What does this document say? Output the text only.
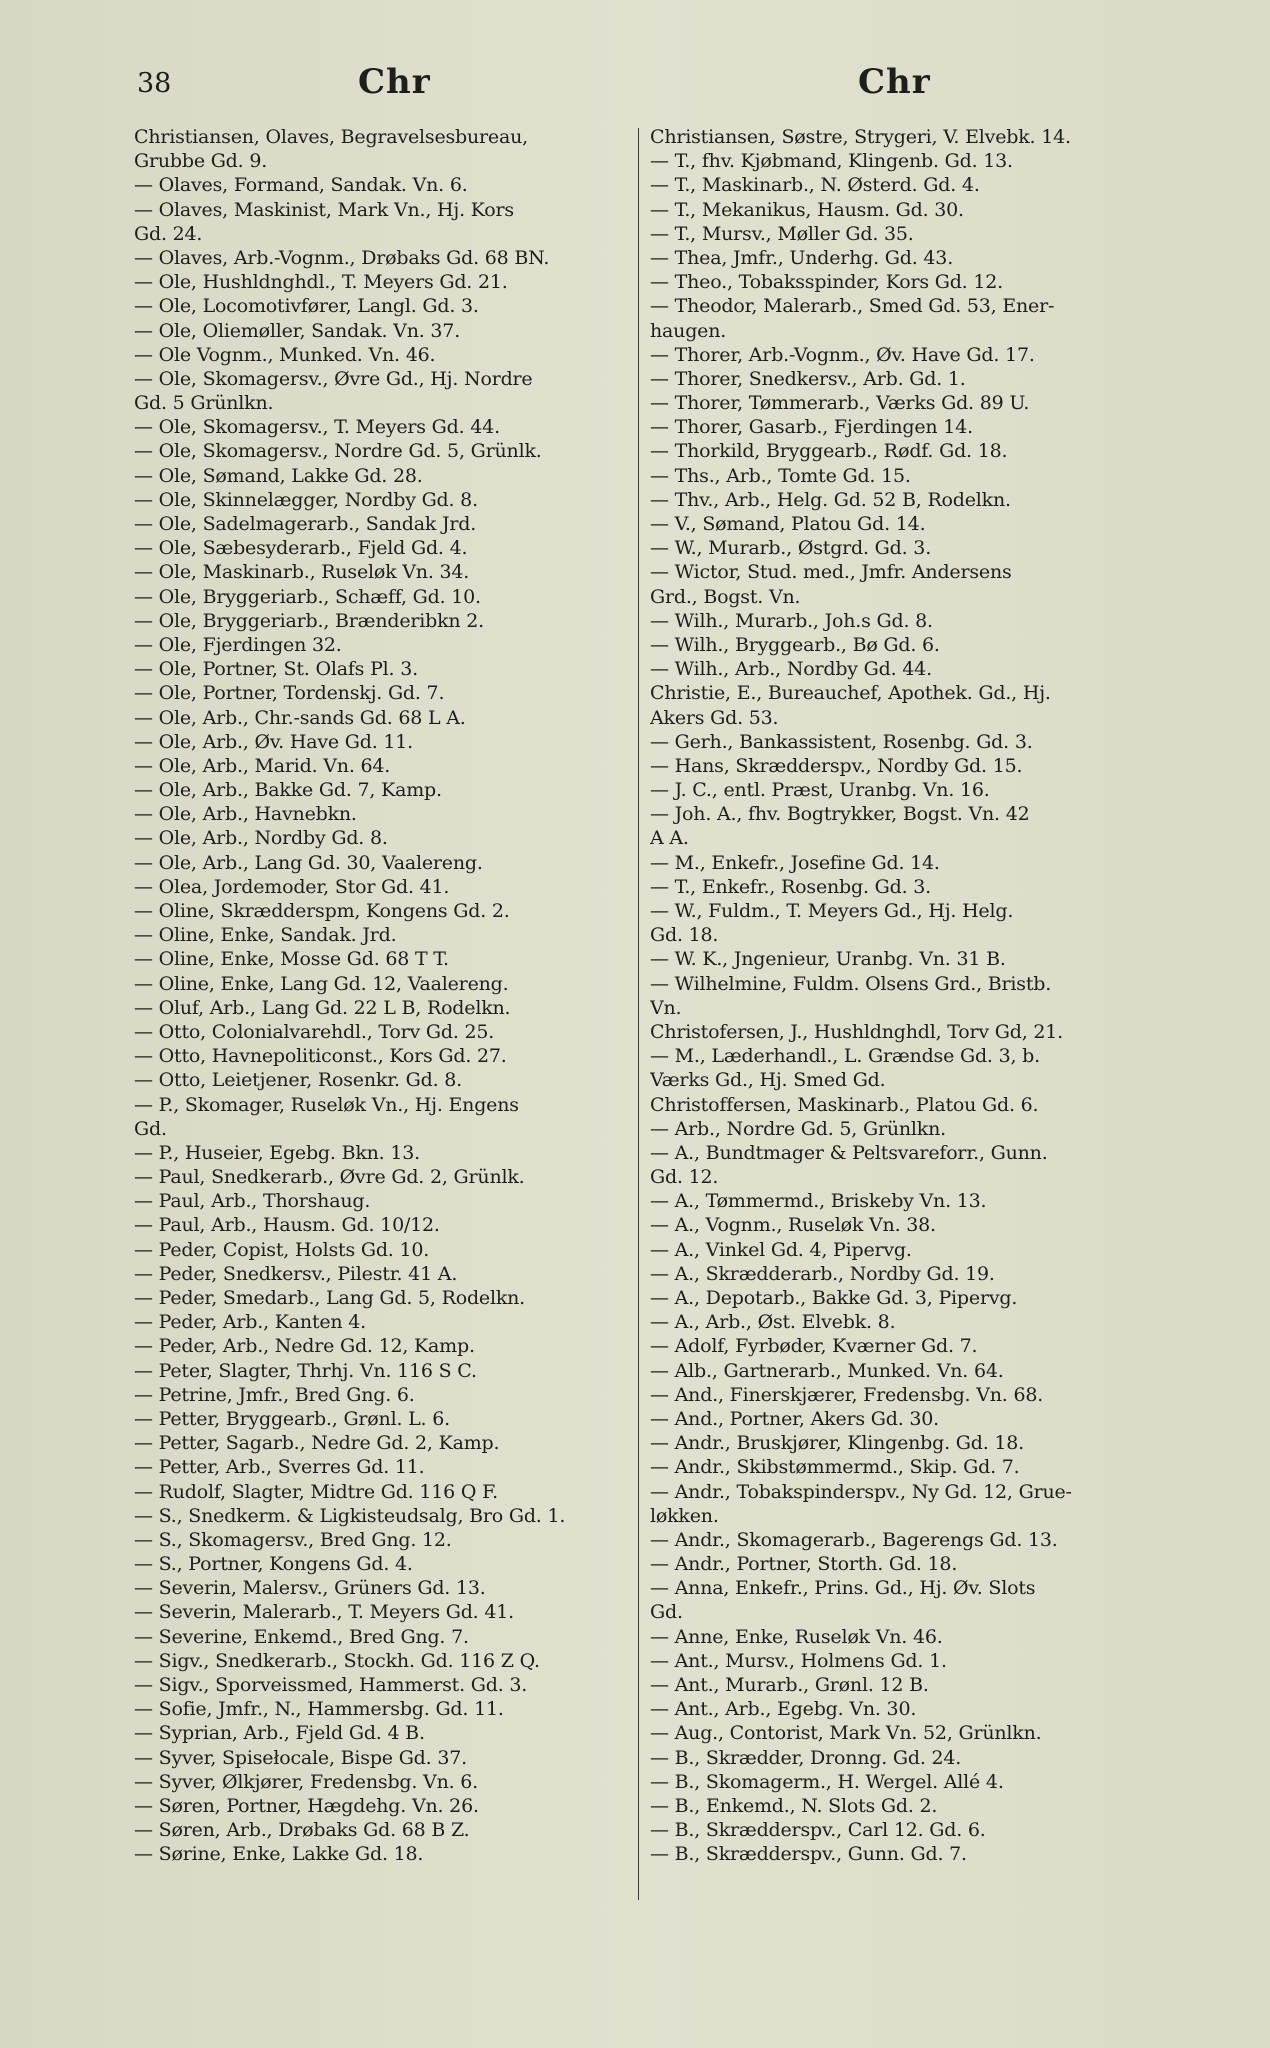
38	Chr	Chr
Christiansen, Olaves, Begravelsesbureau,
Grubbe Gd. 9.
— Olaves, Formand, Sandak. Vn. 6.
— Olaves, Maskinist, Mark Vn., Hj. Kors
Gd. 24.
— Olaves, Arb.-Vognm., Drøbaks Gd. 68 BN.
— Ole, Hushldnghdl., T. Meyers Gd. 21.
— Ole, Locomotivfører, Langl. Gd. 3.
— Ole, Oliemøller, Sandak. Vn. 37.
— Ole Vognm., Munked. Vn. 46.
— Ole, Skomagersv., Øvre Gd., Hj. Nordre
Gd. 5 Grünlkn.
— Ole, Skomagersv., T. Meyers Gd. 44.
— Ole, Skomagersv., Nordre Gd. 5, Grünlk.
— Ole, Sømand, Lakke Gd. 28.
— Ole, Skinnelægger, Nordby Gd. 8.
— Ole, Sadelmagerarb., Sandak Jrd.
— Ole, Sæbesyderarb., Fjeld Gd. 4.
— Ole, Maskinarb., Ruseløk Vn. 34.
— Ole, Bryggeriarb., Schæff, Gd. 10.
— Ole, Bryggeriarb., Brænderibkn 2.
— Ole, Fjerdingen 32.
— Ole, Portner, St. Olafs Pl. 3.
— Ole, Portner, Tordenskj. Gd. 7.
— Ole, Arb., Chr.-sands Gd. 68 L A.
— Ole, Arb., Øv. Have Gd. 11.
— Ole, Arb., Marid. Vn. 64.
— Ole, Arb., Bakke Gd. 7, Kamp.
— Ole, Arb., Havnebkn.
— Ole, Arb., Nordby Gd. 8.
— Ole, Arb., Lang Gd. 30, Vaalereng.
— Olea, Jordemoder, Stor Gd. 41.
— Oline, Skrædderspm, Kongens Gd. 2.
— Oline, Enke, Sandak. Jrd.
— Oline, Enke, Mosse Gd. 68 T T.
— Oline, Enke, Lang Gd. 12, Vaalereng.
— Oluf, Arb., Lang Gd. 22 L B, Rodelkn.
— Otto, Colonialvarehdl., Torv Gd. 25.
— Otto, Havnepoliticonst., Kors Gd. 27.
— Otto, Leietjener, Rosenkr. Gd. 8.
— P., Skomager, Ruseløk Vn., Hj. Engens
Gd.
— P., Huseier, Egebg. Bkn. 13.
— Paul, Snedkerarb., Øvre Gd. 2, Grünlk.
— Paul, Arb., Thorshaug.
— Paul, Arb., Hausm. Gd. 10/12.
— Peder, Copist, Holsts Gd. 10.
— Peder, Snedkersv., Pilestr. 41 A.
— Peder, Smedarb., Lang Gd. 5, Rodelkn.
— Peder, Arb., Kanten 4.
— Peder, Arb., Nedre Gd. 12, Kamp.
— Peter, Slagter, Thrhj. Vn. 116 S C.
— Petrine, Jmfr., Bred Gng. 6.
— Petter, Bryggearb., Grønl. L. 6.
— Petter, Sagarb., Nedre Gd. 2, Kamp.
— Petter, Arb., Sverres Gd. 11.
— Rudolf, Slagter, Midtre Gd. 116 Q F.
— S., Snedkerm. & Ligkisteudsalg, Bro Gd. 1.
— S., Skomagersv., Bred Gng. 12.
— S., Portner, Kongens Gd. 4.
— Severin, Malersv., Grüners Gd. 13.
— Severin, Malerarb., T. Meyers Gd. 41.
— Severine, Enkemd., Bred Gng. 7.
— Sigv., Snedkerarb., Stockh. Gd. 116 Z Q.
— Sigv., Sporveissmed, Hammerst. Gd. 3.
— Sofie, Jmfr., N., Hammersbg. Gd. 11.
— Syprian, Arb., Fjeld Gd. 4 B.
— Syver, Spisełocale, Bispe Gd. 37.
— Syver, Ølkjører, Fredensbg. Vn. 6.
— Søren, Portner, Hægdehg. Vn. 26.
— Søren, Arb., Drøbaks Gd. 68 B Z.
— Sørine, Enke, Lakke Gd. 18.
Christiansen, Søstre, Strygeri, V. Elvebk. 14.
— T., fhv. Kjøbmand, Klingenb. Gd. 13.
— T., Maskinarb., N. Østerd. Gd. 4.
— T., Mekanikus, Hausm. Gd. 30.
— T., Mursv., Møller Gd. 35.
— Thea, Jmfr., Underhg. Gd. 43.
— Theo., Tobaksspinder, Kors Gd. 12.
— Theodor, Malerarb., Smed Gd. 53, Ener-
haugen.
— Thorer, Arb.-Vognm., Øv. Have Gd. 17.
— Thorer, Snedkersv., Arb. Gd. 1.
— Thorer, Tømmerarb., Værks Gd. 89 U.
— Thorer, Gasarb., Fjerdingen 14.
— Thorkild, Bryggearb., Rødf. Gd. 18.
— Ths., Arb., Tomte Gd. 15.
— Thv., Arb., Helg. Gd. 52 B, Rodelkn.
— V., Sømand, Platou Gd. 14.
— W., Murarb., Østgrd. Gd. 3.
— Wictor, Stud. med., Jmfr. Andersens
Grd., Bogst. Vn.
— Wilh., Murarb., Joh.s Gd. 8.
— Wilh., Bryggearb., Bø Gd. 6.
— Wilh., Arb., Nordby Gd. 44.
Christie, E., Bureauchef, Apothek. Gd., Hj.
Akers Gd. 53.
— Gerh., Bankassistent, Rosenbg. Gd. 3.
— Hans, Skrædderspv., Nordby Gd. 15.
— J. C., entl. Præst, Uranbg. Vn. 16.
— Joh. A., fhv. Bogtrykker, Bogst. Vn. 42
A A.
— M., Enkefr., Josefine Gd. 14.
— T., Enkefr., Rosenbg. Gd. 3.
— W., Fuldm., T. Meyers Gd., Hj. Helg.
Gd. 18.
— W. K., Jngenieur, Uranbg. Vn. 31 B.
— Wilhelmine, Fuldm. Olsens Grd., Bristb.
Vn.
Christofersen, J., Hushldnghdl, Torv Gd, 21.
— M., Læderhandl., L. Grændse Gd. 3, b.
Værks Gd., Hj. Smed Gd.
Christoffersen, Maskinarb., Platou Gd. 6.
— Arb., Nordre Gd. 5, Grünlkn.
— A., Bundtmager & Peltsvareforr., Gunn.
Gd. 12.
— A., Tømmermd., Briskeby Vn. 13.
— A., Vognm., Ruseløk Vn. 38.
— A., Vinkel Gd. 4, Pipervg.
— A., Skrædderarb., Nordby Gd. 19.
— A., Depotarb., Bakke Gd. 3, Pipervg.
— A., Arb., Øst. Elvebk. 8.
— Adolf, Fyrbøder, Kværner Gd. 7.
— Alb., Gartnerarb., Munked. Vn. 64.
— And., Finerskjærer, Fredensbg. Vn. 68.
— And., Portner, Akers Gd. 30.
— Andr., Bruskjører, Klingenbg. Gd. 18.
— Andr., Skibstømmermd., Skip. Gd. 7.
— Andr., Tobakspinderspv., Ny Gd. 12, Grue-
løkken.
— Andr., Skomagerarb., Bagerengs Gd. 13.
— Andr., Portner, Storth. Gd. 18.
— Anna, Enkefr., Prins. Gd., Hj. Øv. Slots
Gd.
— Anne, Enke, Ruseløk Vn. 46.
— Ant., Mursv., Holmens Gd. 1.
— Ant., Murarb., Grønl. 12 B.
— Ant., Arb., Egebg. Vn. 30.
— Aug., Contorist, Mark Vn. 52, Grünlkn.
— B., Skrædder, Dronng. Gd. 24.
— B., Skomagerm., H. Wergel. Allé 4.
— B., Enkemd., N. Slots Gd. 2.
— B., Skrædderspv., Carl 12. Gd. 6.
— B., Skrædderspv., Gunn. Gd. 7.
